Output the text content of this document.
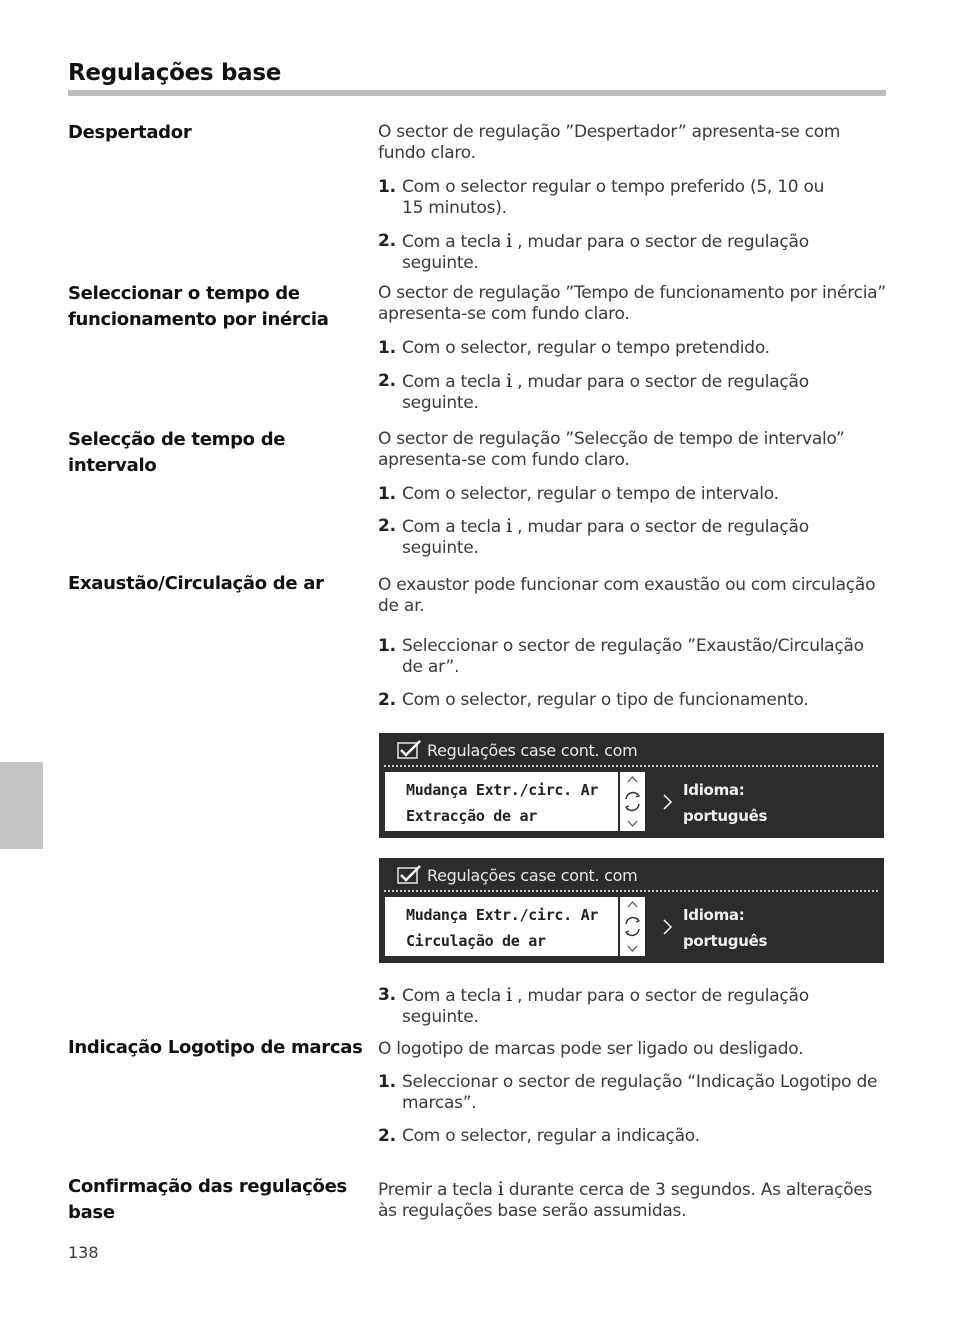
Regulações base
Despertador	O sector de regulação ”Despertador” apresenta-se com fundo claro.

1. Com o selector regular o tempo preferido (5, 10 ou 15 minutos).

2. Com a tecla i , mudar para o sector de regulação seguinte.

Seleccionar o tempo de funcionamento por inércia

O sector de regulação ”Tempo de funcionamento por inércia” apresenta-se com fundo claro.

1. Com o selector, regular o tempo pretendido.

2. Com a tecla i , mudar para o sector de regulação seguinte.

Selecção de tempo de intervalo

O sector de regulação ”Selecção de tempo de intervalo” apresenta-se com fundo claro.

1. Com o selector, regular o tempo de intervalo.

2. Com a tecla i , mudar para o sector de regulação seguinte.

Exaustão/Circulação de ar	O exaustor pode funcionar com exaustão ou com circulação de ar.

1. Seleccionar o sector de regulação ”Exaustão/Circulação de ar”.

2. Com o selector, regular o tipo de funcionamento.

Regulações case cont. com
Mudança Extr./circ. Ar
Extracção de ar
Idioma:
português
Regulações case cont. com
Mudança Extr./circ. Ar
Circulação de ar
Idioma:
português

3. Com a tecla i , mudar para o sector de regulação seguinte.

Indicação Logotipo de marcas O logotipo de marcas pode ser ligado ou desligado.

1. Seleccionar o sector de regulação “Indicação Logotipo de marcas”.

2. Com o selector, regular a indicação.

Confirmação das regulações base

Premir a tecla i durante cerca de 3 segundos. As alterações às regulações base serão assumidas.

138
